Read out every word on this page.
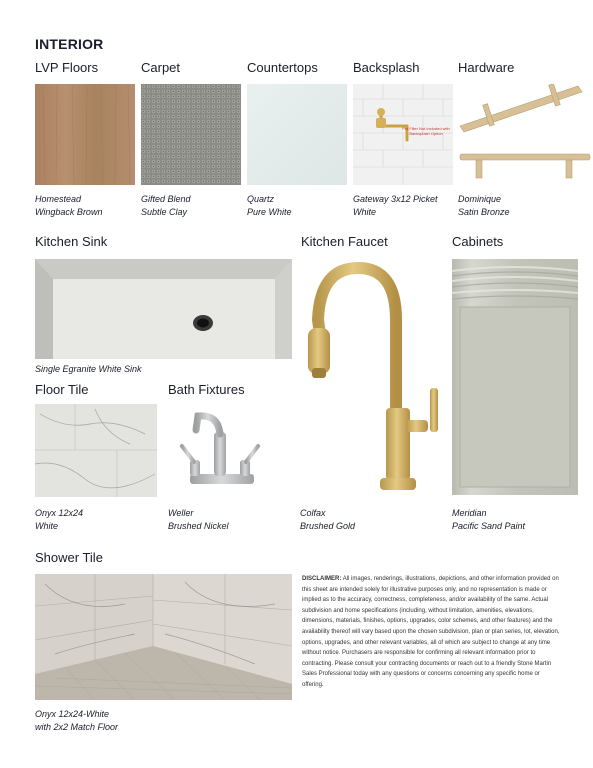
INTERIOR
LVP Floors	Carpet	Countertops	Backsplash	Hardware
Pot Filler Not Included with Backsplash Option
Homestead
Wingback Brown
Gifted Blend
Subtle Clay
Quartz
Pure White
Gateway 3x12 Picket
White
Dominique
Satin Bronze
Kitchen Sink	Kitchen Faucet	Cabinets
Single Egranite White Sink
Colfax
Brushed Gold
Meridian
Pacific Sand Paint
Floor Tile	Bath Fixtures
Onyx 12x24
White
Weller
Brushed Nickel
Shower Tile
Onyx 12x24-White
with 2x2 Match Floor
DISCLAIMER: All images, renderings, illustrations, depictions, and other information provided on this sheet are intended solely for illustrative purposes only, and no representation is made or implied as to the accuracy, correctness, completeness, and/or availability of the same. Actual subdivision and home specifications (including, without limitation, amenities, elevations, dimensions, materials, finishes, options, upgrades, color schemes, and other features) and the availability thereof will vary based upon the chosen subdivision, plan or plan series, lot, elevation, options, upgrades, and other relevant variables, all of which are subject to change at any time without notice. Purchasers are responsible for confirming all relevant information prior to contracting. Please consult your contracting documents or reach out to a friendly Stone Martin Sales Professional today with any questions or concerns concerning any specific home or offering.
